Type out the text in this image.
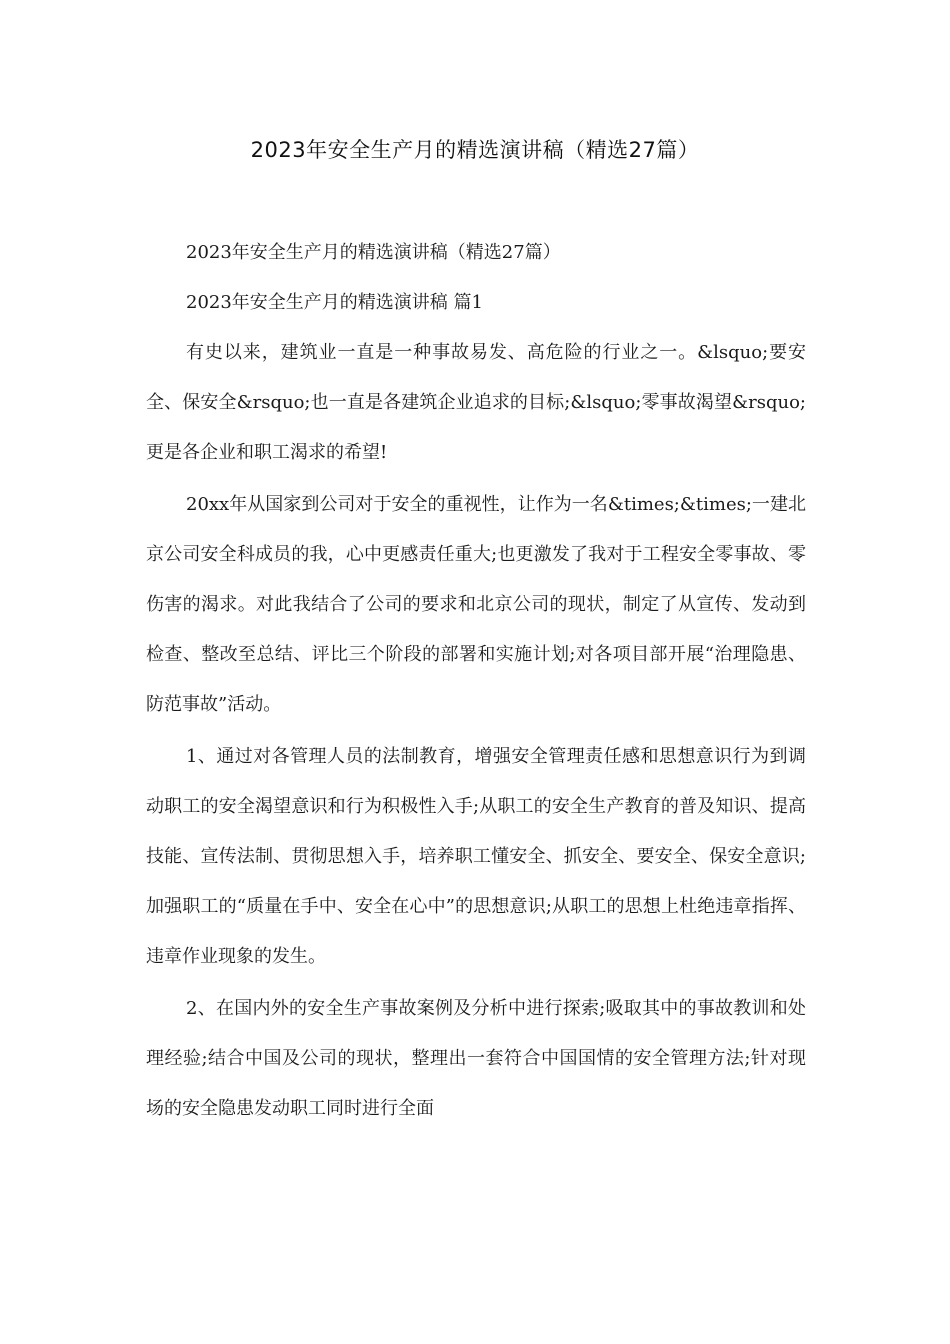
2023年安全生产月的精选演讲稿（精选27篇）

2023年安全生产月的精选演讲稿（精选27篇）

2023年安全生产月的精选演讲稿 篇1

有史以来，建筑业一直是一种事故易发、高危险的行业之一。&lsquo;要安全、保安全&rsquo;也一直是各建筑企业追求的目标;&lsquo;零事故渴望&rsquo;更是各企业和职工渴求的希望!

20xx年从国家到公司对于安全的重视性，让作为一名&times;&times;一建北京公司安全科成员的我，心中更感责任重大;也更激发了我对于工程安全零事故、零伤害的渴求。对此我结合了公司的要求和北京公司的现状，制定了从宣传、发动到检查、整改至总结、评比三个阶段的部署和实施计划;对各项目部开展“治理隐患、防范事故”活动。

1、通过对各管理人员的法制教育，增强安全管理责任感和思想意识行为到调动职工的安全渴望意识和行为积极性入手;从职工的安全生产教育的普及知识、提高技能、宣传法制、贯彻思想入手，培养职工懂安全、抓安全、要安全、保安全意识;加强职工的“质量在手中、安全在心中”的思想意识;从职工的思想上杜绝违章指挥、违章作业现象的发生。

2、在国内外的安全生产事故案例及分析中进行探索;吸取其中的事故教训和处理经验;结合中国及公司的现状，整理出一套符合中国国情的安全管理方法;针对现场的安全隐患发动职工同时进行全面
